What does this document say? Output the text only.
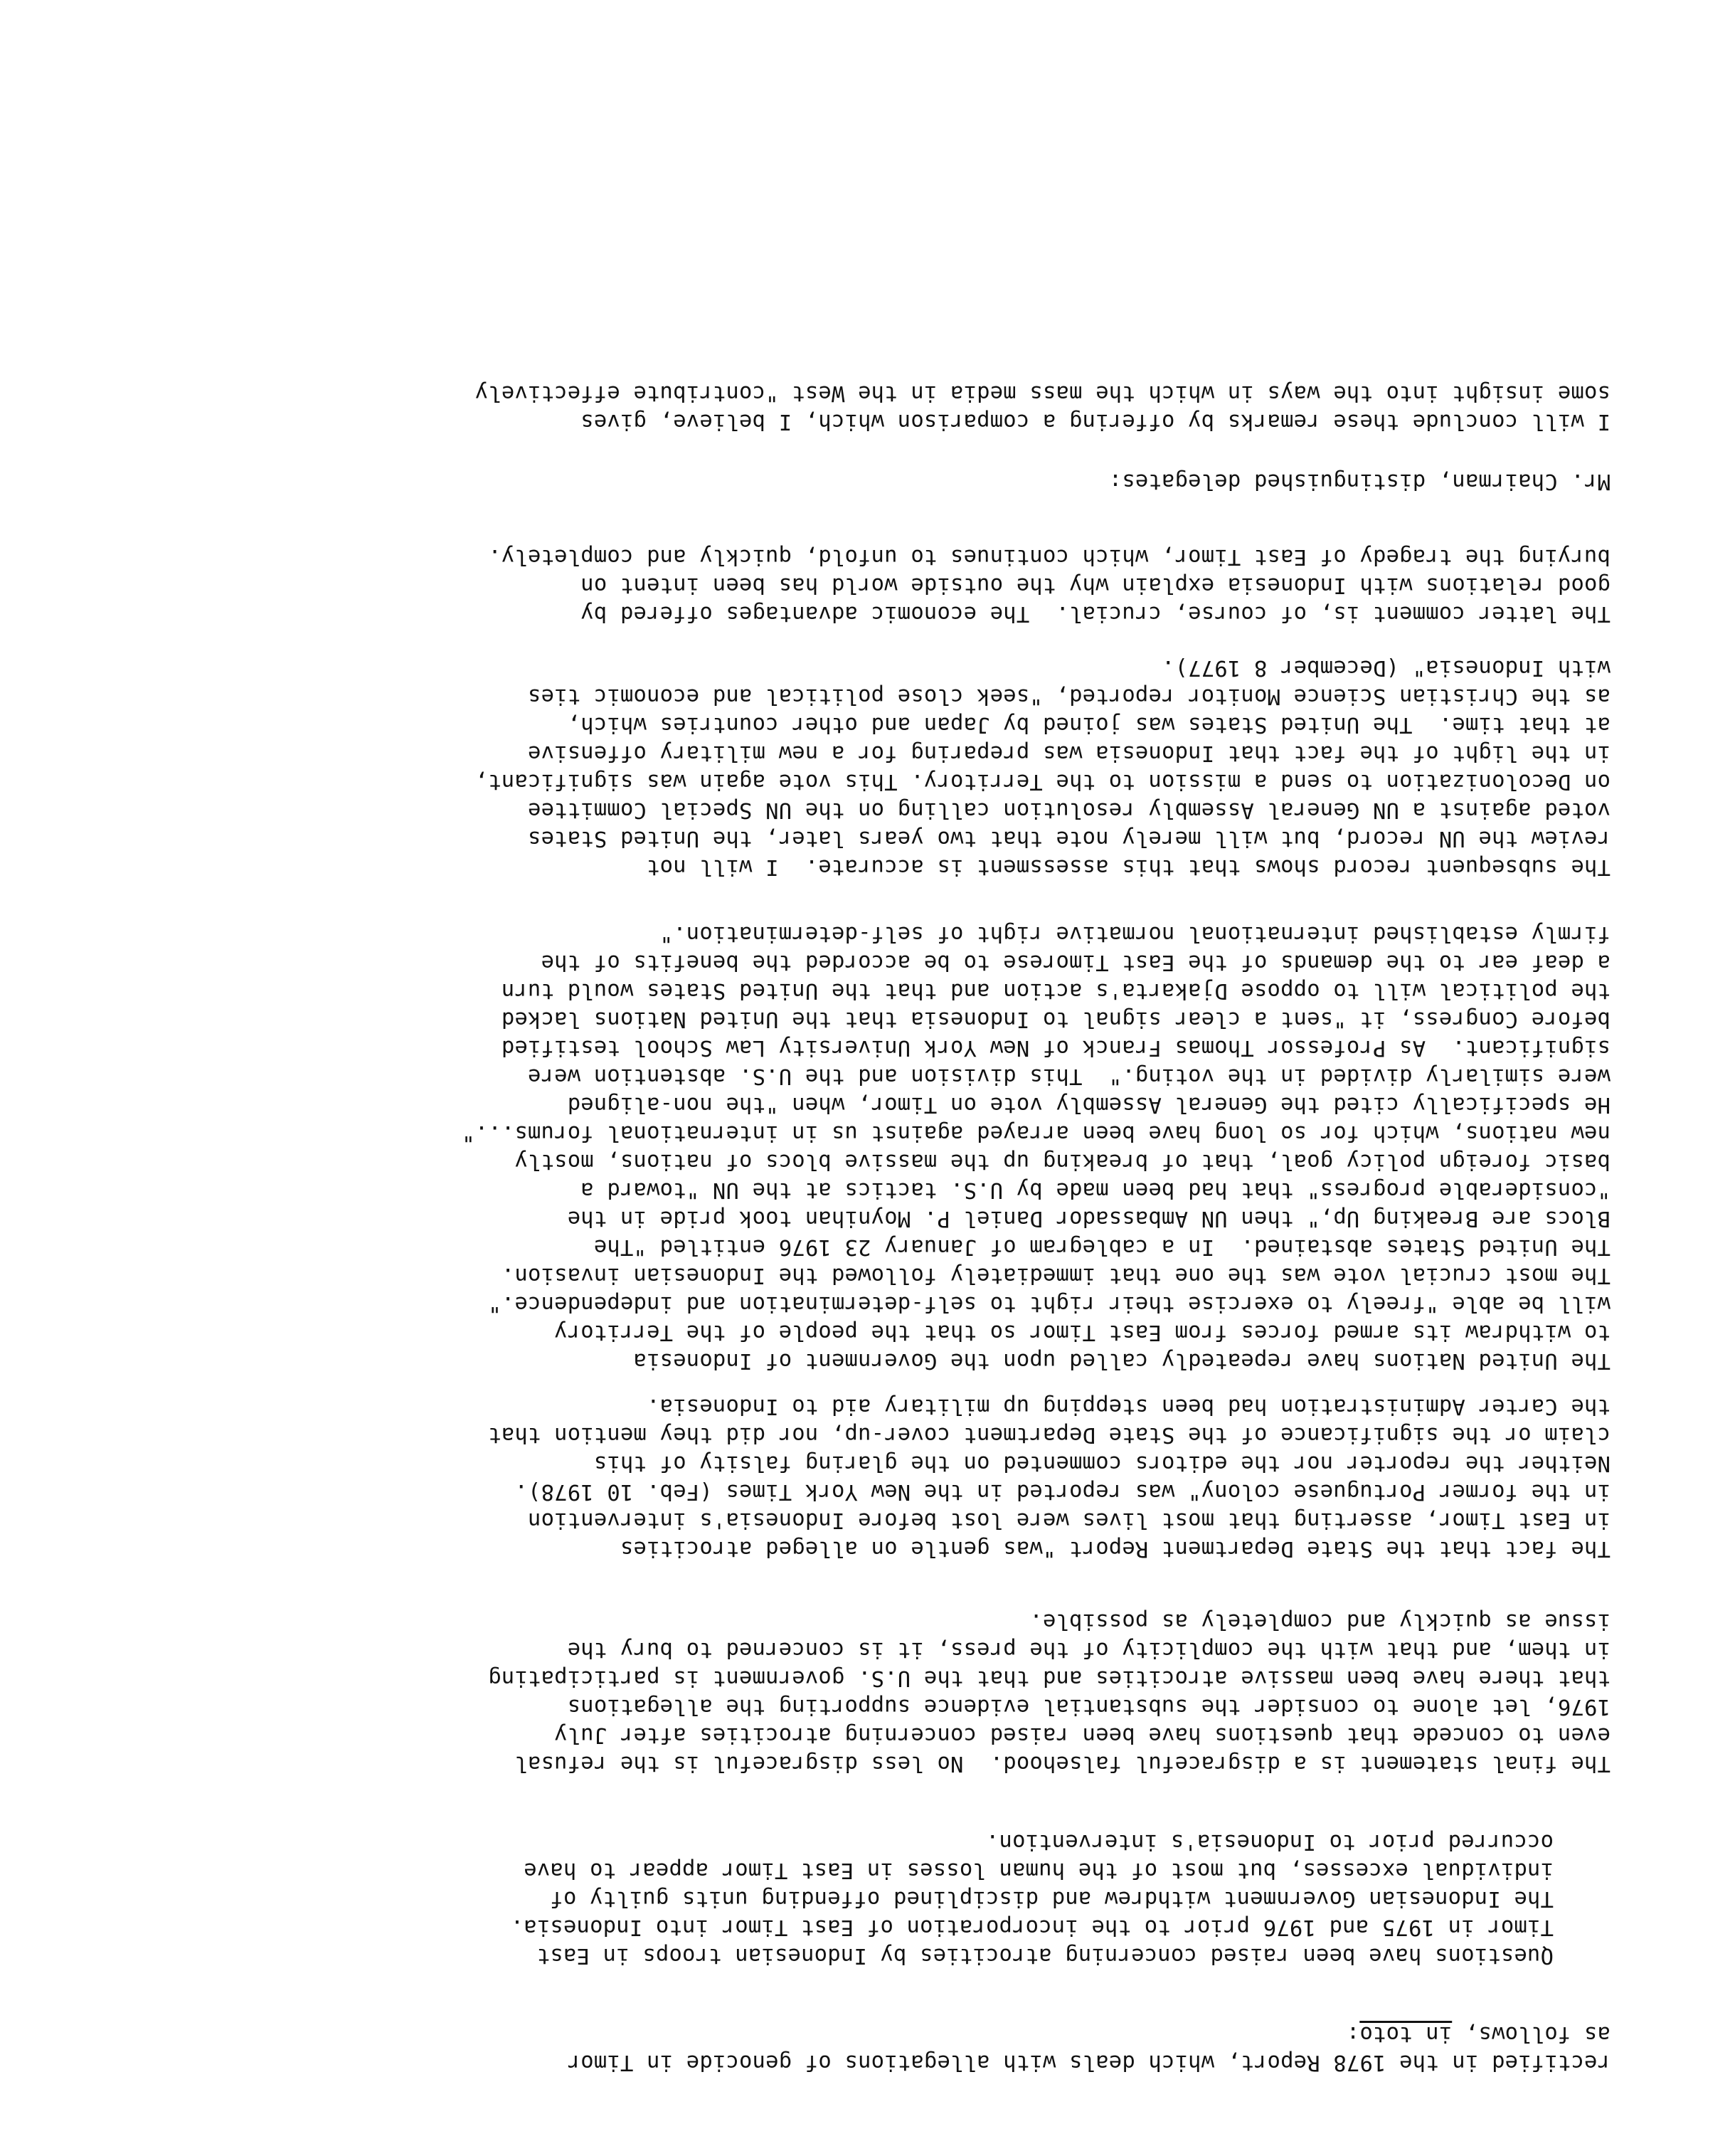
rectified in the 1978 Report, which deals with allegations of genocide in Timor
as follows, in toto:
Questions have been raised concerning atrocities by Indonesian troops in East
Timor in 1975 and 1976 prior to the incorporation of East Timor into Indonesia.
The Indonesian Government withdrew and disciplined offending units guilty of
individual excesses, but most of the human losses in East Timor appear to have
occurred prior to Indonesia's intervention.
The final statement is a disgraceful falsehood.  No less disgraceful is the refusal
even to concede that questions have been raised concerning atrocities after July
1976, let alone to consider the substantial evidence supporting the allegations
that there have been massive atrocities and that the U.S. government is participating
in them, and that with the complicity of the press, it is concerned to bury the
issue as quickly and completely as possible.
The fact that the State Department Report "was gentle on alleged atrocities
in East Timor, asserting that most lives were lost before Indonesia's intervention
in the former Portuguese colony" was reported in the New York Times (Feb. 10 1978).
Neither the reporter nor the editors commented on the glaring falsity of this
claim or the significance of the State Department cover-up, nor did they mention that
the Carter Administration had been stepping up military aid to Indonesia.
The United Nations have repeatedly called upon the Government of Indonesia
to withdraw its armed forces from East Timor so that the people of the Territory
will be able "freely to exercise their right to self-determination and independence."
The most crucial vote was the one that immediately followed the Indonesian invasion.
The United States abstained.  In a cablegram of January 23 1976 entitled "The
Blocs are Breaking Up," then UN Ambassador Daniel P. Moynihan took pride in the
"considerable progress" that had been made by U.S. tactics at the UN "toward a
basic foreign policy goal, that of breaking up the massive blocs of nations, mostly
new nations, which for so long have been arrayed against us in international forums..."
He specifically cited the General Assembly vote on Timor, when "the non-aligned
were similarly divided in the voting."  This division and the U.S. abstention were
significant.  As Professor Thomas Franck of New York University Law School testified
before Congress, it "sent a clear signal to Indonesia that the United Nations lacked
the political will to oppose Djakarta's action and that the United States would turn
a deaf ear to the demands of the East Timorese to be accorded the benefits of the
firmly established international normative right of self-determination."
The subsequent record shows that this assessment is accurate.  I will not
review the UN record, but will merely note that two years later, the United States
voted against a UN General Assembly resolution calling on the UN Special Committee
on Decolonization to send a mission to the Territory. This vote again was significant,
in the light of the fact that Indonesia was preparing for a new military offensive
at that time.  The United States was joined by Japan and other countries which,
as the Christian Science Monitor reported, "seek close political and economic ties
with Indonesia" (December 8 1977).
The latter comment is, of course, crucial.  The economic advantages offered by
good relations with Indonesia explain why the outside world has been intent on
burying the tragedy of East Timor, which continues to unfold, quickly and completely.
Mr. Chairman, distinguished delegates:
I will conclude these remarks by offering a comparison which, I believe, gives
some insight into the ways in which the mass media in the West "contribute effectively
